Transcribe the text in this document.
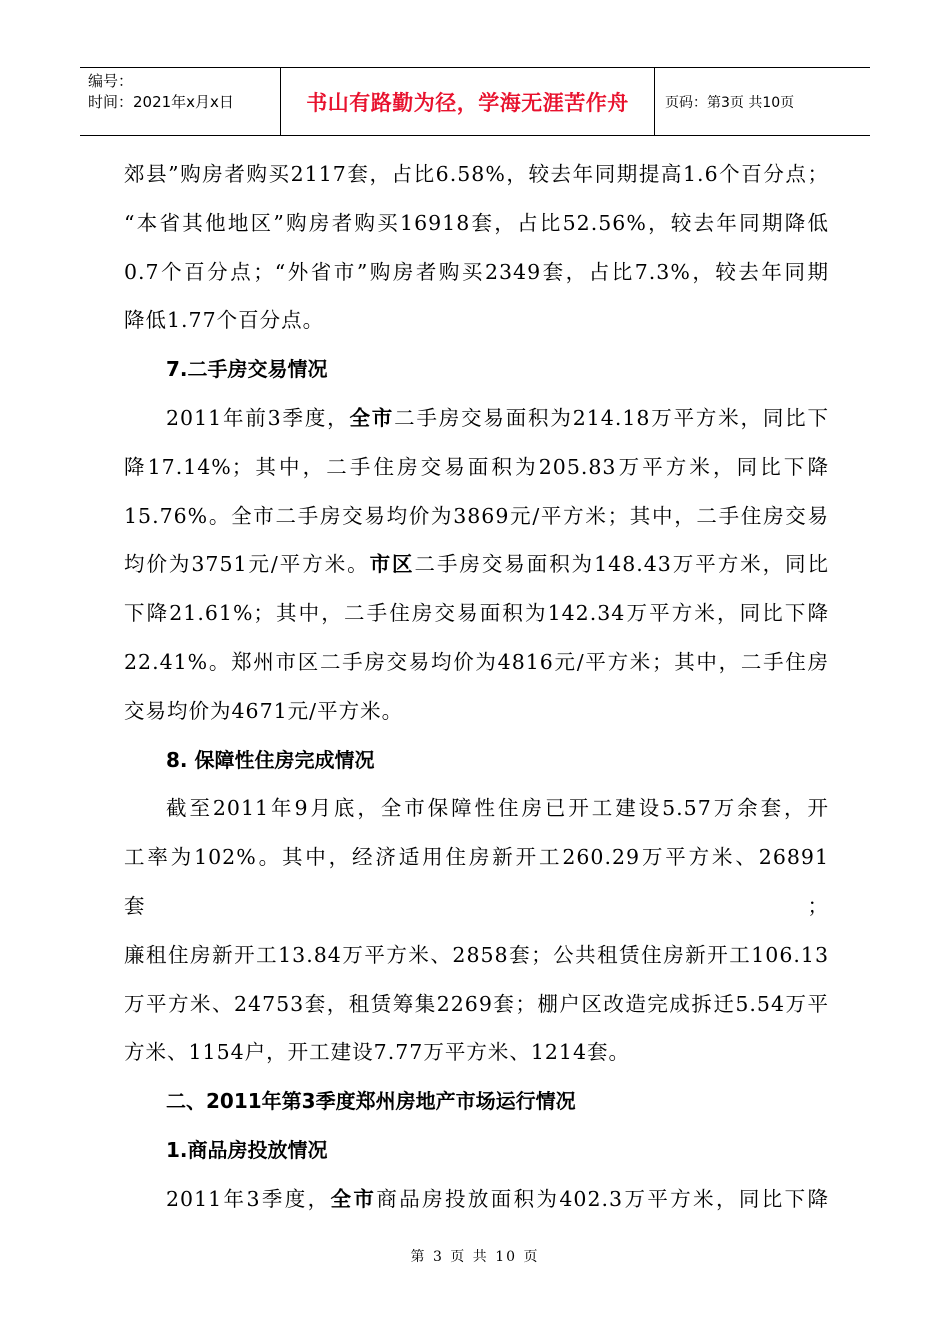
编号：
时间：2021年x月x日	书山有路勤为径，学海无涯苦作舟	页码：第3页 共10页

郊县”购房者购买2117套，占比6.58%，较去年同期提高1.6个百分点；

“本省其他地区”购房者购买16918套，占比52.56%，较去年同期降低

0.7个百分点；“外省市”购房者购买2349套，占比7.3%，较去年同期

降低1.77个百分点。

7.二手房交易情况

2011年前3季度，全市二手房交易面积为214.18万平方米，同比下

降17.14%；其中，二手住房交易面积为205.83万平方米，同比下降

15.76%。全市二手房交易均价为3869元/平方米；其中，二手住房交易

均价为3751元/平方米。市区二手房交易面积为148.43万平方米，同比

下降21.61%；其中，二手住房交易面积为142.34万平方米，同比下降

22.41%。郑州市区二手房交易均价为4816元/平方米；其中，二手住房

交易均价为4671元/平方米。

8. 保障性住房完成情况

截至2011年9月底，全市保障性住房已开工建设5.57万余套，开

工率为102%。其中，经济适用住房新开工260.29万平方米、26891套；

廉租住房新开工13.84万平方米、2858套；公共租赁住房新开工106.13

万平方米、24753套，租赁筹集2269套；棚户区改造完成拆迁5.54万平

方米、1154户，开工建设7.77万平方米、1214套。

二、2011年第3季度郑州房地产市场运行情况
1.商品房投放情况

2011年3季度，全市商品房投放面积为402.3万平方米，同比下降

第 3 页 共 10 页
